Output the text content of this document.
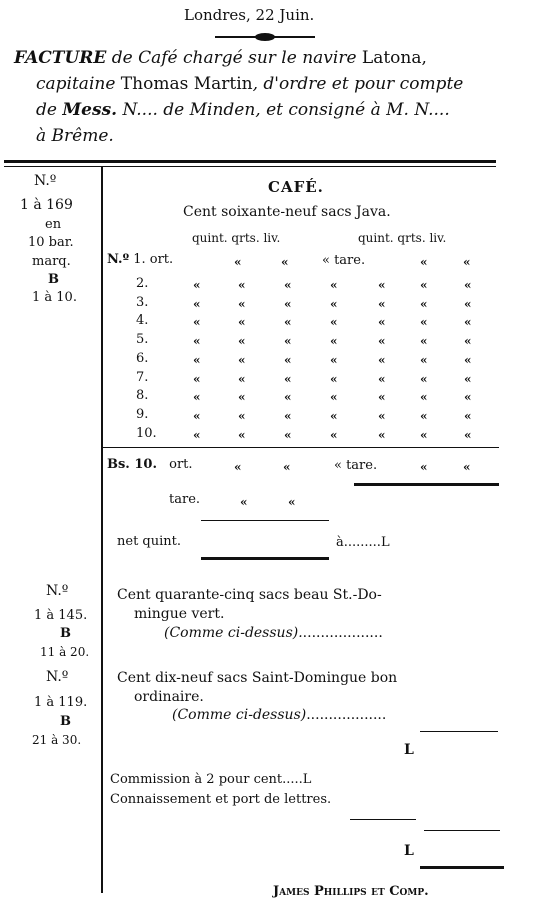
Londres, 22 Juin.
FACTURE de Café chargé sur le navire Latona,
capitaine Thomas Martin, d'ordre et pour compte
de Mess. N.... de Minden, et consigné à M. N....
à Brême.
N.º
1 à 169
en
10 bar.
marq.
B
1 à 10.
CAFÉ.
Cent soixante-neuf sacs Java.
quint. qrts. liv.	quint. qrts. liv.
N.º 1. ort.	«	«	« tare.	«	«
2.	«	«	«	«	«	«	«
3.	«	«	«	«	«	«	«
4.	«	«	«	«	«	«	«
5.	«	«	«	«	«	«	«
6.	«	«	«	«	«	«	«
7.	«	«	«	«	«	«	«
8.	«	«	«	«	«	«	«
9.	«	«	«	«	«	«	«
10.	«	«	«	«	«	«	«
Bs. 10. ort.	«	«	« tare.	«	«
tare.	«	«
net quint.	à.........L
N.º
1 à 145.
B
11 à 20.
Cent quarante-cinq sacs beau St.-Do-
mingue vert.
(Comme ci-dessus)...................
N.º
1 à 119.
B
21 à 30.
Cent dix-neuf sacs Saint-Domingue bon
ordinaire.
(Comme ci-dessus)..................
L
Commission à 2 pour cent.....L
Connaissement et port de lettres.
L
James Phillips et Comp.
